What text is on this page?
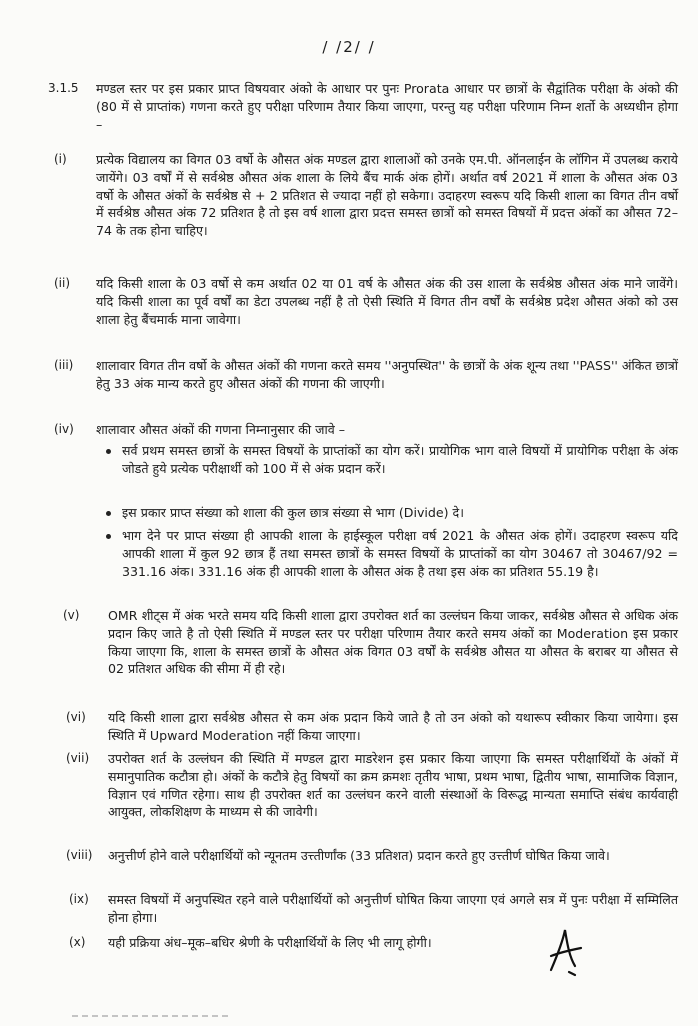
/ /2/ /
3.1.5 मण्डल स्तर पर इस प्रकार प्राप्त विषयवार अंको के आधार पर पुनः Prorata आधार पर छात्रों के सैद्वांतिक परीक्षा के अंको की (80 में से प्राप्तांक) गणना करते हुए परीक्षा परिणाम तैयार किया जाएगा, परन्तु यह परीक्षा परिणाम निम्न शर्तो के अध्यधीन होगा –
(i) प्रत्येक विद्यालय का विगत 03 वर्षो के औसत अंक मण्डल द्वारा शालाओं को उनके एम.पी. ऑनलाईन के लॉगिन में उपलब्ध कराये जायेंगे। 03 वर्षों में से सर्वश्रेष्ठ औसत अंक शाला के लिये बैंच मार्क अंक होगें। अर्थात वर्ष 2021 में शाला के औसत अंक 03 वर्षो के औसत अंकों के सर्वश्रेष्ठ से + 2 प्रतिशत से ज्यादा नहीं हो सकेगा। उदाहरण स्वरूप यदि किसी शाला का विगत तीन वर्षो में सर्वश्रेष्ठ औसत अंक 72 प्रतिशत है तो इस वर्ष शाला द्वारा प्रदत्त समस्त छात्रों को समस्त विषयों में प्रदत्त अंकों का औसत 72–74 के तक होना चाहिए।
(ii) यदि किसी शाला के 03 वर्षो से कम अर्थात 02 या 01 वर्ष के औसत अंक की उस शाला के सर्वश्रेष्ठ औसत अंक माने जावेंगे। यदि किसी शाला का पूर्व वर्षों का डेटा उपलब्ध नहीं है तो ऐसी स्थिति में विगत तीन वर्षों के सर्वश्रेष्ठ प्रदेश औसत अंको को उस शाला हेतु बैंचमार्क माना जावेगा।
(iii) शालावार विगत तीन वर्षो के औसत अंकों की गणना करते समय ''अनुपस्थित'' के छात्रों के अंक शून्य तथा ''PASS'' अंकित छात्रों हेतु 33 अंक मान्य करते हुए औसत अंकों की गणना की जाएगी।
(iv) शालावार औसत अंकों की गणना निम्नानुसार की जावे –
सर्व प्रथम समस्त छात्रों के समस्त विषयों के प्राप्तांकों का योग करें। प्रायोगिक भाग वाले विषयों में प्रायोगिक परीक्षा के अंक जोडते हुये प्रत्येक परीक्षार्थी को 100 में से अंक प्रदान करें।
इस प्रकार प्राप्त संख्या को शाला की कुल छात्र संख्या से भाग (Divide) दे।
भाग देने पर प्राप्त संख्या ही आपकी शाला के हाईस्कूल परीक्षा वर्ष 2021 के औसत अंक होगें। उदाहरण स्वरूप यदि आपकी शाला में कुल 92 छात्र हैं तथा समस्त छात्रों के समस्त विषयों के प्राप्तांकों का योग 30467 तो 30467/92 = 331.16 अंक। 331.16 अंक ही आपकी शाला के औसत अंक है तथा इस अंक का प्रतिशत 55.19 है।
(v) OMR शीट्स में अंक भरते समय यदि किसी शाला द्वारा उपरोक्त शर्त का उल्लंघन किया जाकर, सर्वश्रेष्ठ औसत से अधिक अंक प्रदान किए जाते है तो ऐसी स्थिति में मण्डल स्तर पर परीक्षा परिणाम तैयार करते समय अंकों का Moderation इस प्रकार किया जाएगा कि, शाला के समस्त छात्रों के औसत अंक विगत 03 वर्षों के सर्वश्रेष्ठ औसत या औसत के बराबर या औसत से 02 प्रतिशत अधिक की सीमा में ही रहे।
(vi) यदि किसी शाला द्वारा सर्वश्रेष्ठ औसत से कम अंक प्रदान किये जाते है तो उन अंको को यथारूप स्वीकार किया जायेगा। इस स्थिति में Upward Moderation नहीं किया जाएगा।
(vii) उपरोक्त शर्त के उल्लंघन की स्थिति में मण्डल द्वारा माडरेशन इस प्रकार किया जाएगा कि समस्त परीक्षार्थियों के अंकों में समानुपातिक कटौत्रा हो। अंकों के कटौत्रे हेतु विषयों का क्रम क्रमशः तृतीय भाषा, प्रथम भाषा, द्वितीय भाषा, सामाजिक विज्ञान, विज्ञान एवं गणित रहेगा। साथ ही उपरोक्त शर्त का उल्लंघन करने वाली संस्थाओं के विरूद्ध मान्यता समाप्ति संबंध कार्यवाही आयुक्त, लोकशिक्षण के माध्यम से की जावेगी।
(viii) अनुत्तीर्ण होने वाले परीक्षार्थियों को न्यूनतम उत्त्तीर्णांक (33 प्रतिशत) प्रदान करते हुए उत्त्तीर्ण घोषित किया जावे।
(ix) समस्त विषयों में अनुपस्थित रहने वाले परीक्षार्थियों को अनुत्तीर्ण घोषित किया जाएगा एवं अगले सत्र में पुनः परीक्षा में सम्मिलित होना होगा।
(x) यही प्रक्रिया अंध–मूक–बधिर श्रेणी के परीक्षार्थियों के लिए भी लागू होगी।
